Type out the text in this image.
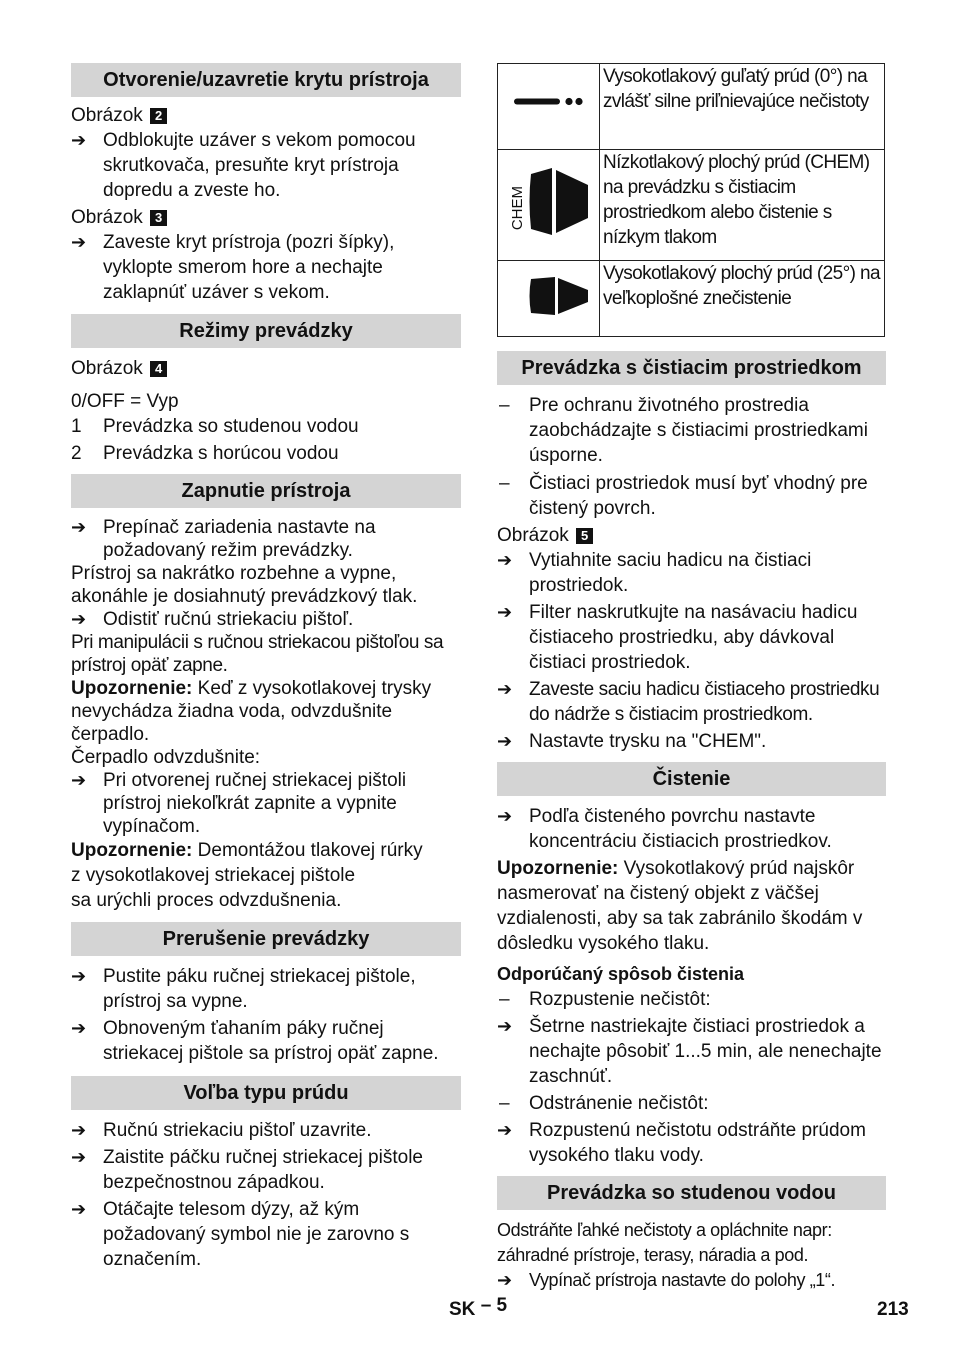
Otvorenie/uzavretie krytu prístroja
Obrázok 2
➔ Odblokujte uzáver s vekom pomocou skrutkovača, presuňte kryt prístroja dopredu a zveste ho.
Obrázok 3
➔ Zaveste kryt prístroja (pozri šípky), vyklopte smerom hore a nechajte zaklapnúť uzáver s vekom.
Režimy prevádzky
Obrázok 4
0/OFF = Vyp
1 Prevádzka so studenou vodou
2 Prevádzka s horúcou vodou
Zapnutie prístroja
➔ Prepínač zariadenia nastavte na požadovaný režim prevádzky.
Prístroj sa nakrátko rozbehne a vypne, akonáhle je dosiahnutý prevádzkový tlak.
➔ Odistiť ručnú striekaciu pištoľ.
Pri manipulácii s ručnou striekacou pištoľou sa prístroj opäť zapne.
Upozornenie: Keď z vysokotlakovej trysky nevychádza žiadna voda, odvzdušnite čerpadlo.
Čerpadlo odvzdušnite:
➔ Pri otvorenej ručnej striekacej pištoli prístroj niekoľkrát zapnite a vypnite vypínačom.
Upozornenie: Demontážou tlakovej rúrky
z vysokotlakovej striekacej pištole
sa urýchli proces odvzdušnenia.
Prerušenie prevádzky
➔ Pustite páku ručnej striekacej pištole, prístroj sa vypne.
➔ Obnoveným ťahaním páky ručnej striekacej pištole sa prístroj opäť zapne.
Voľba typu prúdu
➔ Ručnú striekaciu pištoľ uzavrite.
➔ Zaistite páčku ručnej striekacej pištole bezpečnostnou západkou.
➔ Otáčajte telesom dýzy, až kým požadovaný symbol nie je zarovno s označením.
	Vysokotlakový guľatý prúd (0°) na zvlášť silne priľnievajúce nečistoty

CHEM	Nízkotlakový plochý prúd (CHEM) na prevádzku s čistiacim prostriedkom alebo čistenie s nízkym tlakom
	Vysokotlakový plochý prúd (25°) na veľkoplošné znečistenie
Prevádzka s čistiacim prostriedkom
– Pre ochranu životného prostredia zaobchádzajte s čistiacimi prostriedkami úsporne.
– Čistiaci prostriedok musí byť vhodný pre čistený povrch.
Obrázok 5
➔ Vytiahnite saciu hadicu na čistiaci prostriedok.
➔ Filter naskrutkujte na nasávaciu hadicu čistiaceho prostriedku, aby dávkoval čistiaci prostriedok.
➔ Zaveste saciu hadicu čistiaceho prostriedku do nádrže s čistiacim prostriedkom.
➔ Nastavte trysku na "CHEM".
Čistenie
➔ Podľa čisteného povrchu nastavte koncentráciu čistiacich prostriedkov.
Upozornenie: Vysokotlakový prúd najskôr nasmerovať na čistený objekt z väčšej vzdialenosti, aby sa tak zabránilo škodám v dôsledku vysokého tlaku.
Odporúčaný spôsob čistenia
– Rozpustenie nečistôt:
➔ Šetrne nastriekajte čistiaci prostriedok a nechajte pôsobiť 1...5 min, ale nenechajte zaschnúť.
– Odstránenie nečistôt:
➔ Rozpustenú nečistotu odstráňte prúdom vysokého tlaku vody.
Prevádzka so studenou vodou
Odstráňte ľahké nečistoty a opláchnite napr: záhradné prístroje, terasy, náradia a pod.
➔ Vypínač prístroja nastavte do polohy „1“.
SK – 5	213
